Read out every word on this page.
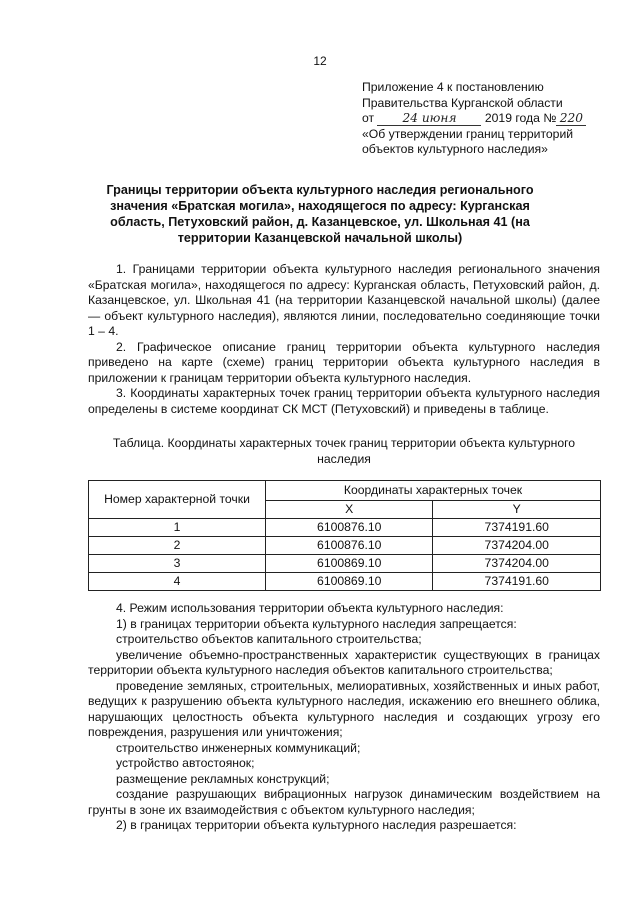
12
Приложение 4 к постановлению
Правительства Курганской области
от 24 июня 2019 года № 220
«Об утверждении границ территорий
объектов культурного наследия»
Границы территории объекта культурного наследия регионального значения «Братская могила», находящегося по адресу: Курганская область, Петуховский район, д. Казанцевское, ул. Школьная 41 (на территории Казанцевской начальной школы)

1. Границами территории объекта культурного наследия регионального значения «Братская могила», находящегося по адресу: Курганская область, Петуховский район, д. Казанцевское, ул. Школьная 41 (на территории Казанцевской начальной школы) (далее — объект культурного наследия), являются линии, последовательно соединяющие точки 1 – 4.

2. Графическое описание границ территории объекта культурного наследия приведено на карте (схеме) границ территории объекта культурного наследия в приложении к границам территории объекта культурного наследия.

3. Координаты характерных точек границ территории объекта культурного наследия определены в системе координат СК МСТ (Петуховский) и приведены в таблице.

Таблица. Координаты характерных точек границ территории объекта культурного наследия
Номер характерной точки	Координаты характерных точек	
	X	Y
1	6100876.10	7374191.60
2	6100876.10	7374204.00
3	6100869.10	7374204.00
4	6100869.10	7374191.60

4. Режим использования территории объекта культурного наследия:

1) в границах территории объекта культурного наследия запрещается:

строительство объектов капитального строительства;

увеличение объемно-пространственных характеристик существующих в границах территории объекта культурного наследия объектов капитального строительства;

проведение земляных, строительных, мелиоративных, хозяйственных и иных работ, ведущих к разрушению объекта культурного наследия, искажению его внешнего облика, нарушающих целостность объекта культурного наследия и создающих угрозу его повреждения, разрушения или уничтожения;

строительство инженерных коммуникаций;

устройство автостоянок;

размещение рекламных конструкций;

создание разрушающих вибрационных нагрузок динамическим воздействием на грунты в зоне их взаимодействия с объектом культурного наследия;

2) в границах территории объекта культурного наследия разрешается:
